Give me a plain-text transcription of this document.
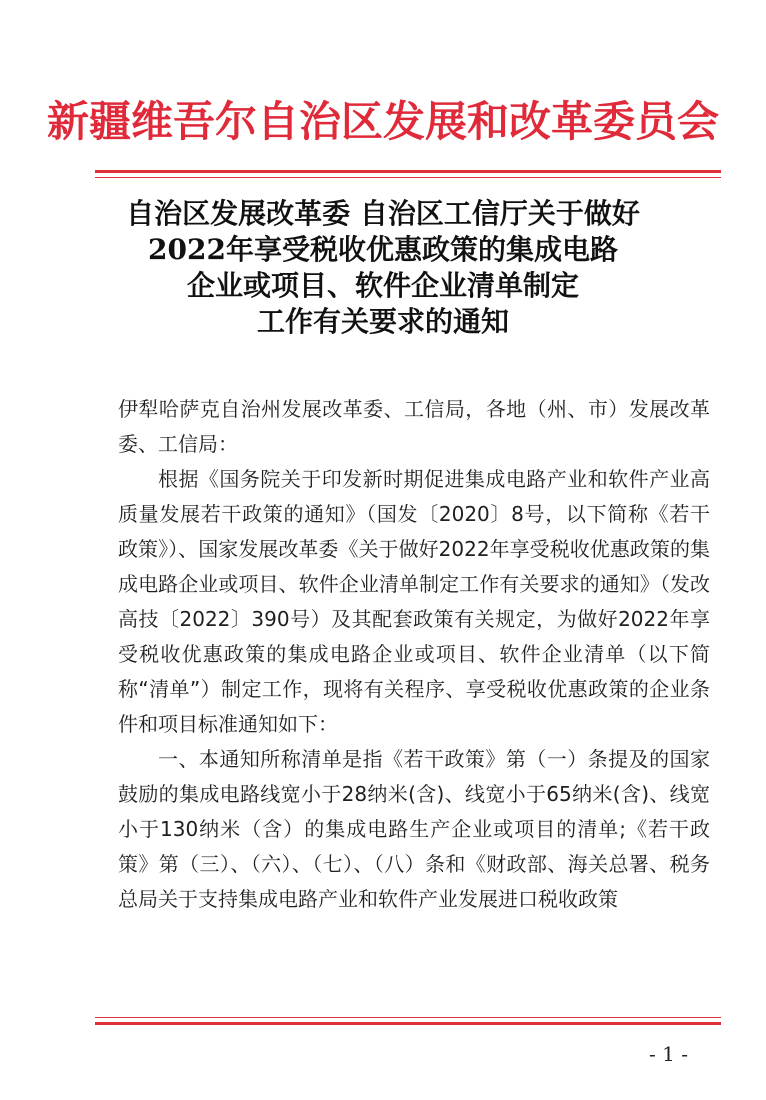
新疆维吾尔自治区发展和改革委员会
自治区发展改革委 自治区工信厅关于做好
2022年享受税收优惠政策的集成电路
企业或项目、软件企业清单制定
工作有关要求的通知

伊犁哈萨克自治州发展改革委、工信局，各地（州、市）发展改革委、工信局：

根据《国务院关于印发新时期促进集成电路产业和软件产业高质量发展若干政策的通知》（国发〔2020〕8号，以下简称《若干政策》）、国家发展改革委《关于做好2022年享受税收优惠政策的集成电路企业或项目、软件企业清单制定工作有关要求的通知》（发改高技〔2022〕390号）及其配套政策有关规定，为做好2022年享受税收优惠政策的集成电路企业或项目、软件企业清单（以下简称“清单”）制定工作，现将有关程序、享受税收优惠政策的企业条件和项目标准通知如下：

一、本通知所称清单是指《若干政策》第（一）条提及的国家鼓励的集成电路线宽小于28纳米(含)、线宽小于65纳米(含)、线宽小于130纳米（含）的集成电路生产企业或项目的清单;《若干政策》第（三）、（六）、（七）、（八）条和《财政部、海关总署、税务总局关于支持集成电路产业和软件产业发展进口税收政策

- 1 -
